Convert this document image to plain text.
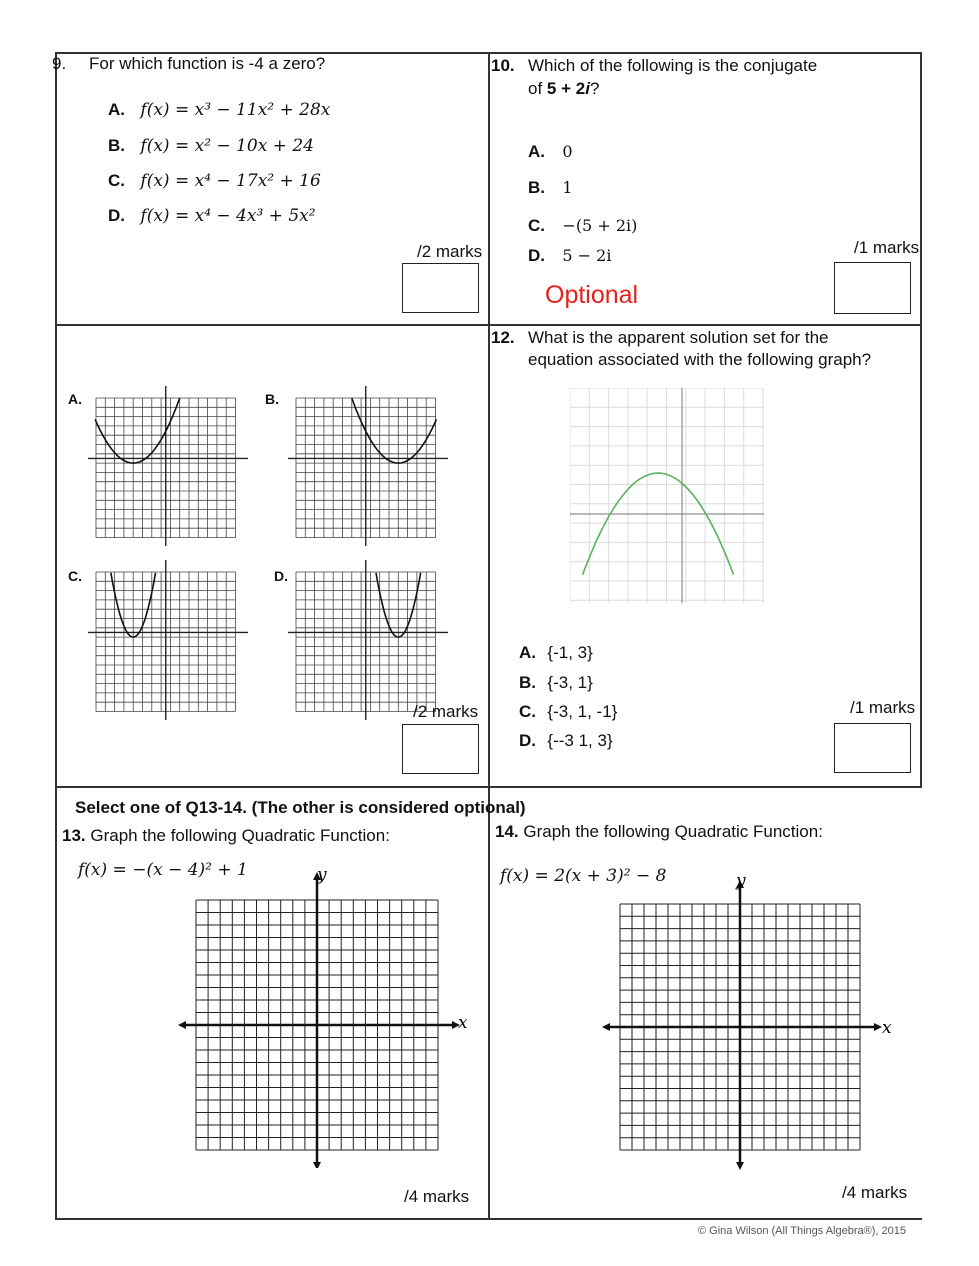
9. For which function is -4 a zero?
A. f(x) = x³ − 11x² + 28x
B. f(x) = x² − 10x + 24
C. f(x) = x⁴ − 17x² + 16
D. f(x) = x⁴ − 4x³ + 5x²
/2 marks
10. Which of the following is the conjugate
of 5 + 2i?
A. 0
B. 1
C. −(5 + 2i)
D. 5 − 2i
Optional
/1 marks
A.	B.
C.	D.
/2 marks
12. What is the apparent solution set for the
equation associated with the following graph?
A. {-1, 3}
B. {-3, 1}
C. {-3, 1, -1}
D. {--3 1, 3}
/1 marks
Select one of Q13-14. (The other is considered optional)
13. Graph the following Quadratic Function:
f(x) = −(x − 4)² + 1	y
x
/4 marks
14. Graph the following Quadratic Function:
f(x) = 2(x + 3)² − 8	y
x
/4 marks
© Gina Wilson (All Things Algebra®), 2015
